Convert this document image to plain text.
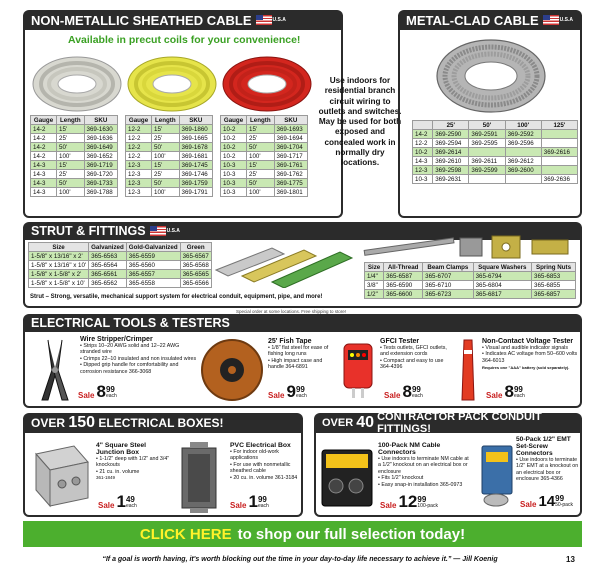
NON-METALLIC SHEATHED CABLE	U.S.A
Available in precut coils for your convenience!
Use indoors for residential branch circuit wiring to outlets and switches. May be used for both exposed and concealed work in normally dry locations.
Gauge	Length	SKU
14-2	15'	369-1630
14-2	25'	369-1636
14-2	50'	369-1649
14-2	100'	369-1652
14-3	15'	369-1719
14-3	25'	369-1720
14-3	50'	369-1733
14-3	100'	369-1788
Gauge	Length	SKU
12-2	15'	369-1860
12-2	25'	369-1665
12-2	50'	369-1678
12-2	100'	369-1681
12-3	15'	369-1745
12-3	25'	369-1746
12-3	50'	369-1759
12-3	100'	369-1791
Gauge	Length	SKU
10-2	15'	369-1693
10-2	25'	369-1694
10-2	50'	369-1704
10-2	100'	369-1717
10-3	15'	369-1761
10-3	25'	369-1762
10-3	50'	369-1775
10-3	100'	369-1801
METAL-CLAD CABLE	U.S.A
	25'	50'	100'	125'
14-2	369-2590	369-2591	369-2592	
12-2	369-2594	369-2595	369-2596	
10-2	369-2614			369-2616
14-3	369-2610	369-2611	369-2612	
12-3	369-2598	369-2599	369-2600	
10-3	369-2631			369-2636
STRUT & FITTINGS	U.S.A
Size	Galvanized	Gold-Galvanized	Green
1-5/8" x 13/16" x 2'	365-6563	365-6559	365-6567
1-5/8" x 13/16" x 10'	365-6564	365-6560	365-6568
1-5/8" x 1-5/8" x 2'	365-6561	365-6557	365-6565
1-5/8" x 1-5/8" x 10'	365-6562	365-6558	365-6566
Size	All-Thread	Beam Clamps	Square Washers	Spring Nuts
1/4"	365-6587	365-6707	365-6794	365-6853
3/8"	365-6590	365-6710	365-6804	365-6855
1/2"	365-6600	365-6723	365-6817	365-6857
Strut – Strong, versatile, mechanical support system for electrical conduit, equipment, pipe, and more!
Special order at some locations. Free shipping to store!
ELECTRICAL TOOLS & TESTERS
Wire Stripper/Crimper
• Strips 10–20 AWG solid and 12–22 AWG stranded wire
• Crimps 22–10 insulated and non insulated wires
• Dipped grip handle for comfortability and corrosion resistance 366-3068
Sale 8 99
each
25' Fish Tape
• 1/8" flat steel for ease of fishing long runs
• High impact case and handle 364-6891
Sale 9 99
each
GFCI Tester
• Tests outlets, GFCI outlets, and extension cords
• Compact and easy to use 364-4396
Sale 8 99
each
Non-Contact Voltage Tester
• Visual and audible indicator signals
• Indicates AC voltage from 50–600 volts 364-6013
Requires one "AAA" battery (sold separately).
Sale 8 99
each
OVER
150
ELECTRICAL BOXES!
4" Square Steel Junction Box
• 1-1/2" deep with 1/2" and 3/4" knockouts
• 21 cu. in. volume
361-1849
Sale 1 49
each
PVC Electrical Box
• For indoor old-work applications
• For use with nonmetallic sheathed cable
• 20 cu. in. volume 361-3184
Sale 1 99
each
OVER
40
CONTRACTOR PACK CONDUIT FITTINGS!
100-Pack NM Cable Connectors
• Use indoors to terminate NM cable at a 1/2" knockout on an electrical box or enclosure
• Fits 1/2" knockout
• Easy snap-in installation 365-0973
Sale 12 99
100-pack
50-Pack 1/2" EMT Set-Screw Connectors
• Use indoors to terminate 1/2" EMT at a knockout on an electrical box or enclosure 365-4366
Sale 14 99
50-pack
CLICK HERE to shop our full selection today!
“If a goal is worth having, it's worth blocking out the time in your day-to-day life necessary to achieve it.” — Jill Koenig	13
